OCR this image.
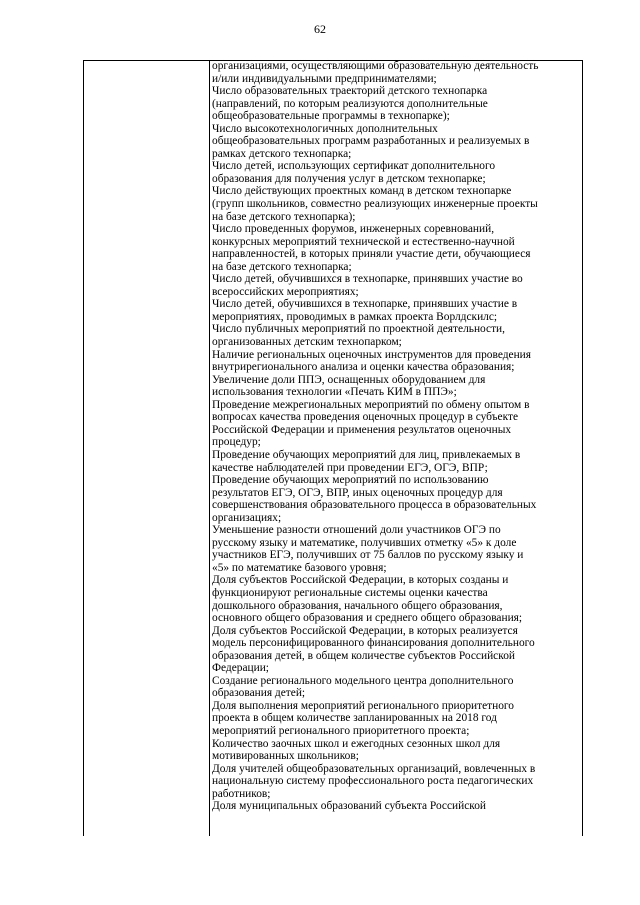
62
организациями, осуществляющими образовательную деятельность
и/или индивидуальными предпринимателями;
Число образовательных траекторий детского технопарка
(направлений, по которым реализуются дополнительные
общеобразовательные программы в технопарке);
Число высокотехнологичных дополнительных
общеобразовательных программ разработанных и реализуемых в
рамках детского технопарка;
Число детей, использующих сертификат дополнительного
образования для получения услуг в детском технопарке;
Число действующих проектных команд в детском технопарке
(групп школьников, совместно реализующих инженерные проекты
на базе детского технопарка);
Число проведенных форумов, инженерных соревнований,
конкурсных мероприятий технической и естественно-научной
направленностей, в которых приняли участие дети, обучающиеся
на базе детского технопарка;
Число детей, обучившихся в технопарке, принявших участие во
всероссийских мероприятиях;
Число детей, обучившихся в технопарке, принявших участие в
мероприятиях, проводимых в рамках проекта Ворлдскилс;
Число публичных мероприятий по проектной деятельности,
организованных детским технопарком;
Наличие региональных оценочных инструментов для проведения
внутрирегионального анализа и оценки качества образования;
Увеличение доли ППЭ, оснащенных оборудованием для
использования технологии «Печать КИМ в ППЭ»;
Проведение межрегиональных мероприятий по обмену опытом в
вопросах качества проведения оценочных процедур в субъекте
Российской Федерации и применения результатов оценочных
процедур;
Проведение обучающих мероприятий для лиц, привлекаемых в
качестве наблюдателей при проведении ЕГЭ, ОГЭ, ВПР;
Проведение обучающих мероприятий по использованию
результатов ЕГЭ, ОГЭ, ВПР, иных оценочных процедур для
совершенствования образовательного процесса в образовательных
организациях;
Уменьшение разности отношений доли участников ОГЭ по
русскому языку и математике, получивших отметку «5» к доле
участников ЕГЭ, получивших от 75 баллов по русскому языку и
«5» по математике базового уровня;
Доля субъектов Российской Федерации, в которых созданы и
функционируют региональные системы оценки качества
дошкольного образования, начального общего образования,
основного общего образования и среднего общего образования;
Доля субъектов Российской Федерации, в которых реализуется
модель персонифицированного финансирования дополнительного
образования детей, в общем количестве субъектов Российской
Федерации;
Создание регионального модельного центра дополнительного
образования детей;
Доля выполнения мероприятий регионального приоритетного
проекта в общем количестве запланированных на 2018 год
мероприятий регионального приоритетного проекта;
Количество заочных школ и ежегодных сезонных школ для
мотивированных школьников;
Доля учителей общеобразовательных организаций, вовлеченных в
национальную систему профессионального роста педагогических
работников;
Доля муниципальных образований субъекта Российской
